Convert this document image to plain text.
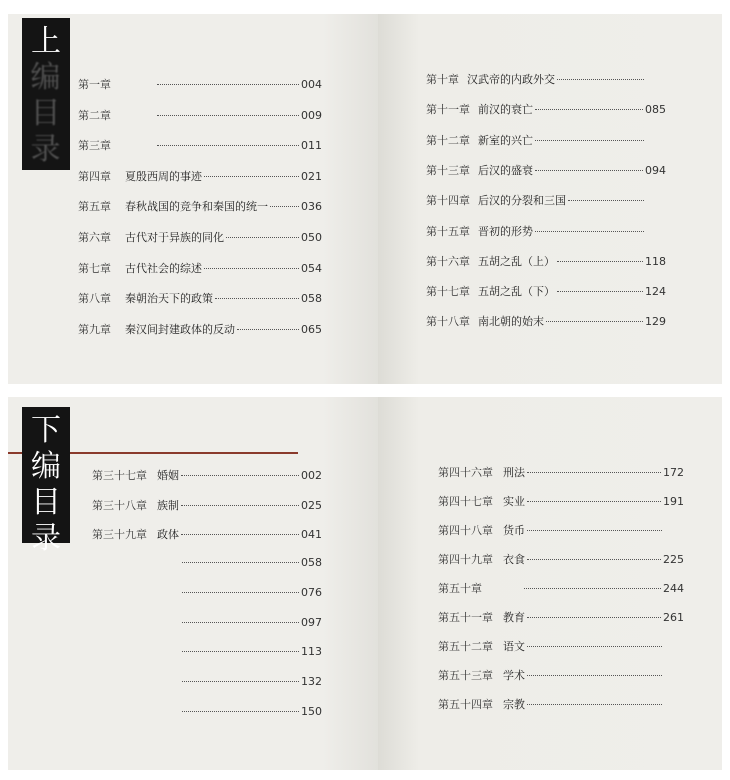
上
编
目
录
第一章	004
第二章	009
第三章	011
第四章 夏殷西周的事迹	021
第五章 春秋战国的竞争和秦国的统一	036
第六章 古代对于异族的同化	050
第七章 古代社会的综述	054
第八章 秦朝治天下的政策	058
第九章 秦汉间封建政体的反动	065
第十章 汉武帝的内政外交
第十一章 前汉的衰亡	085
第十二章 新室的兴亡
第十三章 后汉的盛衰	094
第十四章 后汉的分裂和三国
第十五章 晋初的形势
第十六章 五胡之乱（上）	118
第十七章 五胡之乱（下）	124
第十八章 南北朝的始末	129
下
编
目
录
第三十七章 婚姻	002
第三十八章 族制	025
第三十九章 政体	041
058
076
097
113
132
150
第四十六章 刑法	172
第四十七章 实业	191
第四十八章 货币
第四十九章 衣食	225
第五十章	244
第五十一章 教育	261
第五十二章 语文
第五十三章 学术
第五十四章 宗教
